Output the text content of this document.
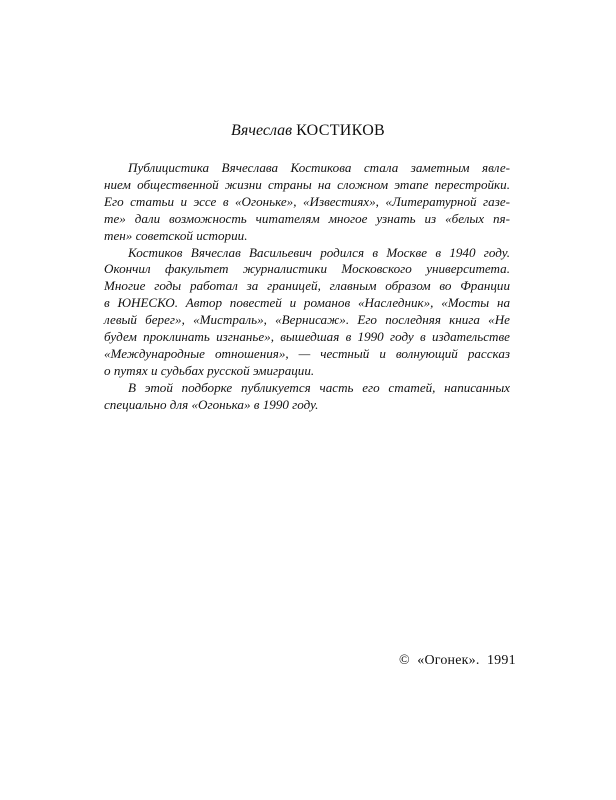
Вячеслав КОСТИКОВ
Публицистика Вячеслава Костикова стала заметным явле-
нием общественной жизни страны на сложном этапе перестройки.
Его статьи и эссе в «Огоньке», «Известиях», «Литературной газе-
те» дали возможность читателям многое узнать из «белых пя-
тен» советской истории.
Костиков Вячеслав Васильевич родился в Москве в 1940 году.
Окончил факультет журналистики Московского университета.
Многие годы работал за границей, главным образом во Франции
в ЮНЕСКО. Автор повестей и романов «Наследник», «Мосты на
левый берег», «Мистраль», «Вернисаж». Его последняя книга «Не
будем проклинать изгнанье», вышедшая в 1990 году в издательстве
«Международные отношения», — честный и волнующий рассказ
о путях и судьбах русской эмиграции.
В этой подборке публикуется часть его статей, написанных
специально для «Огонька» в 1990 году.
© «Огонек». 1991
